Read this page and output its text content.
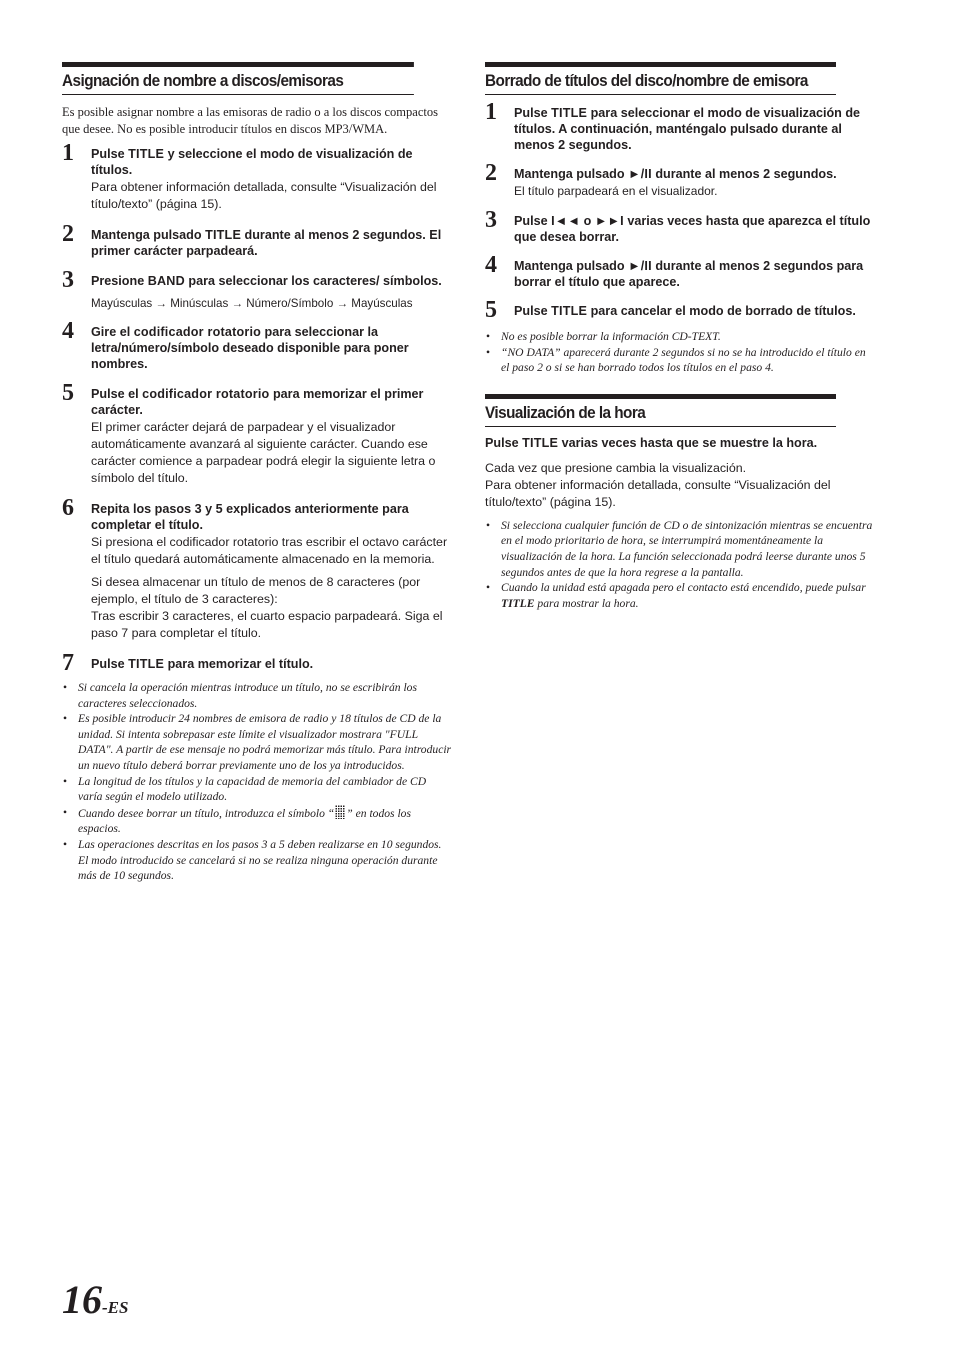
Asignación de nombre a discos/emisoras
Es posible asignar nombre a las emisoras de radio o a los discos compactos que desee. No es posible introducir títulos en discos MP3/WMA.
1 Pulse TITLE y seleccione el modo de visualización de títulos.
Para obtener información detallada, consulte “Visualización del título/texto” (página 15).
2 Mantenga pulsado TITLE durante al menos 2 segundos. El primer carácter parpadeará.
3 Presione BAND para seleccionar los caracteres/ símbolos.
Mayúsculas → Minúsculas → Número/Símbolo → Mayúsculas
4 Gire el codificador rotatorio para seleccionar la letra/número/símbolo deseado disponible para poner nombres.
5 Pulse el codificador rotatorio para memorizar el primer carácter.
El primer carácter dejará de parpadear y el visualizador automáticamente avanzará al siguiente carácter. Cuando ese carácter comience a parpadear podrá elegir la siguiente letra o símbolo del título.
6 Repita los pasos 3 y 5 explicados anteriormente para completar el título.
Si presiona el codificador rotatorio tras escribir el octavo carácter el título quedará automáticamente almacenado en la memoria.
Si desea almacenar un título de menos de 8 caracteres (por ejemplo, el título de 3 caracteres):
Tras escribir 3 caracteres, el cuarto espacio parpadeará. Siga el paso 7 para completar el título.
7 Pulse TITLE para memorizar el título.
• Si cancela la operación mientras introduce un título, no se escribirán los caracteres seleccionados.
• Es posible introducir 24 nombres de emisora de radio y 18 títulos de CD de la unidad. Si intenta sobrepasar este límite el visualizador mostrara "FULL DATA". A partir de ese mensaje no podrá memorizar más título. Para introducir un nuevo título deberá borrar previamente uno de los ya introducidos.
• La longitud de los títulos y la capacidad de memoria del cambiador de CD varía según el modelo utilizado.
• Cuando desee borrar un título, introduzca el símbolo “ ” en todos los espacios.
• Las operaciones descritas en los pasos 3 a 5 deben realizarse en 10 segundos. El modo introducido se cancelará si no se realiza ninguna operación durante más de 10 segundos.
Borrado de títulos del disco/nombre de emisora
1 Pulse TITLE para seleccionar el modo de visualización de títulos. A continuación, manténgalo pulsado durante al menos 2 segundos.
2 Mantenga pulsado ►/II durante al menos 2 segundos.
El título parpadeará en el visualizador.
3 Pulse I◄◄ o ►►I varias veces hasta que aparezca el título que desea borrar.
4 Mantenga pulsado ►/II durante al menos 2 segundos para borrar el título que aparece.
5 Pulse TITLE para cancelar el modo de borrado de títulos.
• No es posible borrar la información CD-TEXT.
• “NO DATA” aparecerá durante 2 segundos si no se ha introducido el título en el paso 2 o si se han borrado todos los títulos en el paso 4.
Visualización de la hora
Pulse TITLE varias veces hasta que se muestre la hora.
Cada vez que presione cambia la visualización.
Para obtener información detallada, consulte “Visualización del título/texto” (página 15).
• Si selecciona cualquier función de CD o de sintonización mientras se encuentra en el modo prioritario de hora, se interrumpirá momentáneamente la visualización de la hora. La función seleccionada podrá leerse durante unos 5 segundos antes de que la hora regrese a la pantalla.
• Cuando la unidad está apagada pero el contacto está encendido, puede pulsar TITLE para mostrar la hora.
16-ES
